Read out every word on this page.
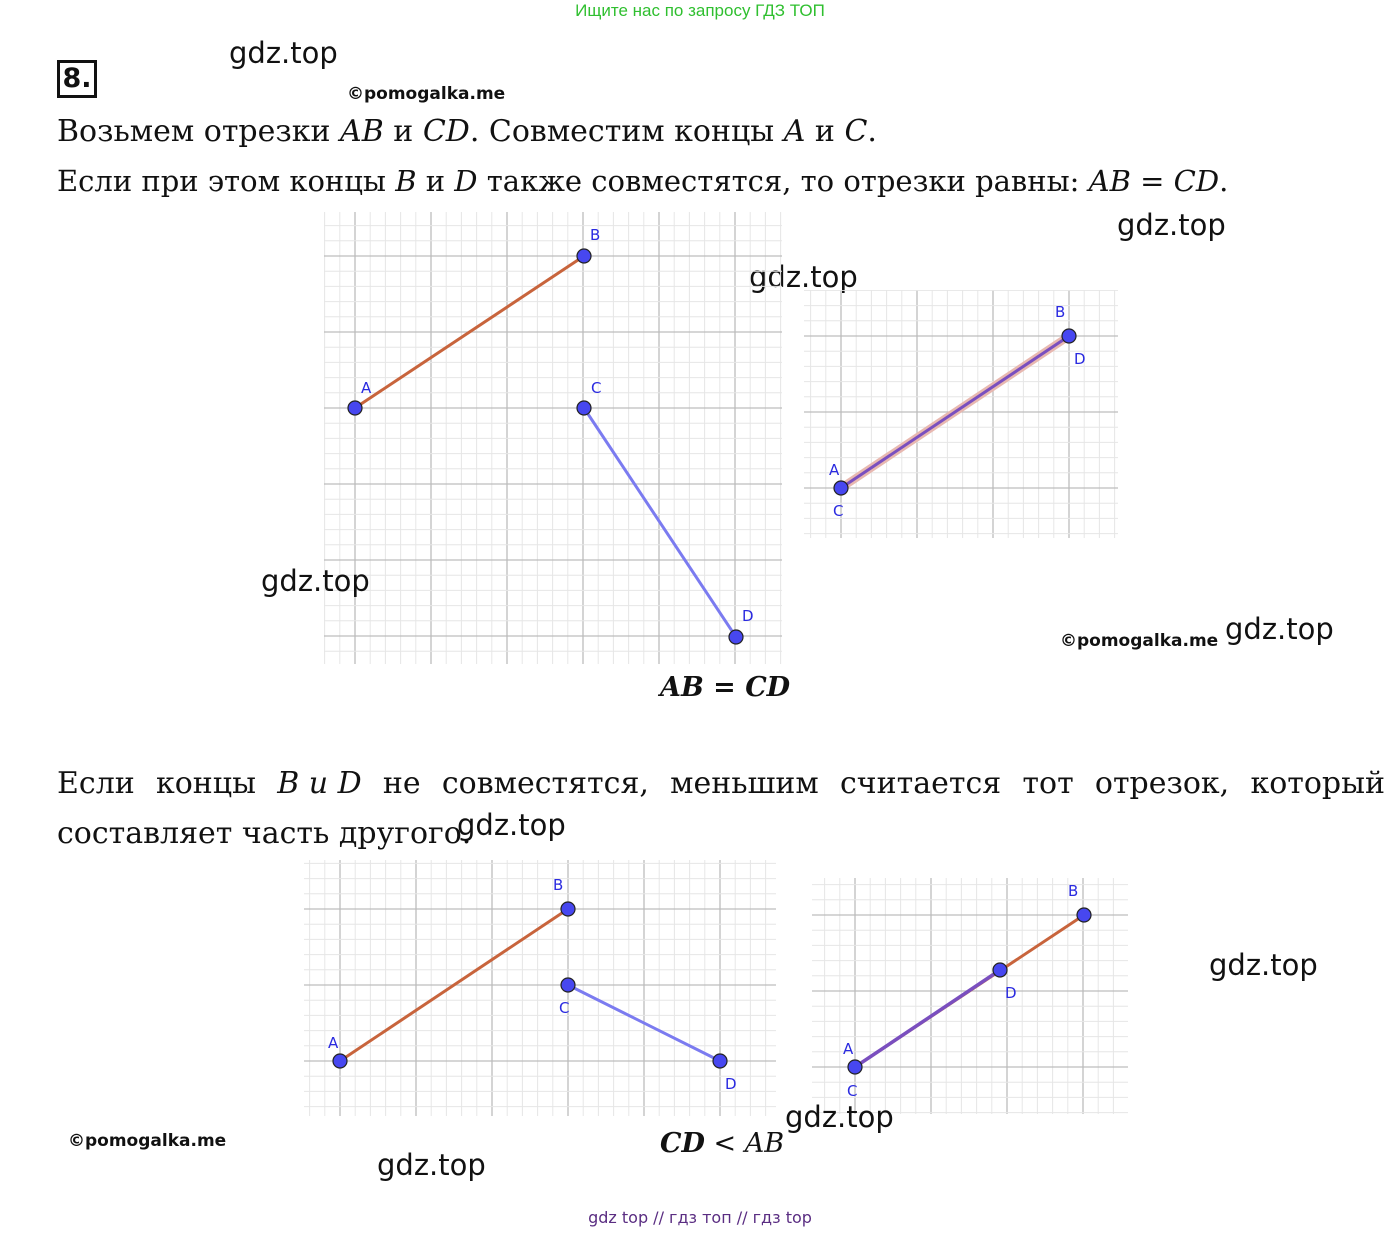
Ищите нас по запросу ГДЗ ТОП
8.
gdz.top
©pomogalka.me
Возьмем отрезки AB и CD. Совместим концы A и C.
Если при этом концы B и D также совместятся, то отрезки равны: AB = CD.
gdz.top
gdz.top
A
B
C
D
A
C
B
D
gdz.top
©pomogalka.me gdz.top
AB = CD
Если концы B и D не совместятся, меньшим считается тот отрезок, который
составляет часть другого.
gdz.top
A
B
C
D
A
C
D
B
gdz.top
©pomogalka.me
gdz.top
gdz.top
CD < AB
gdz top // гдз топ // гдз top
